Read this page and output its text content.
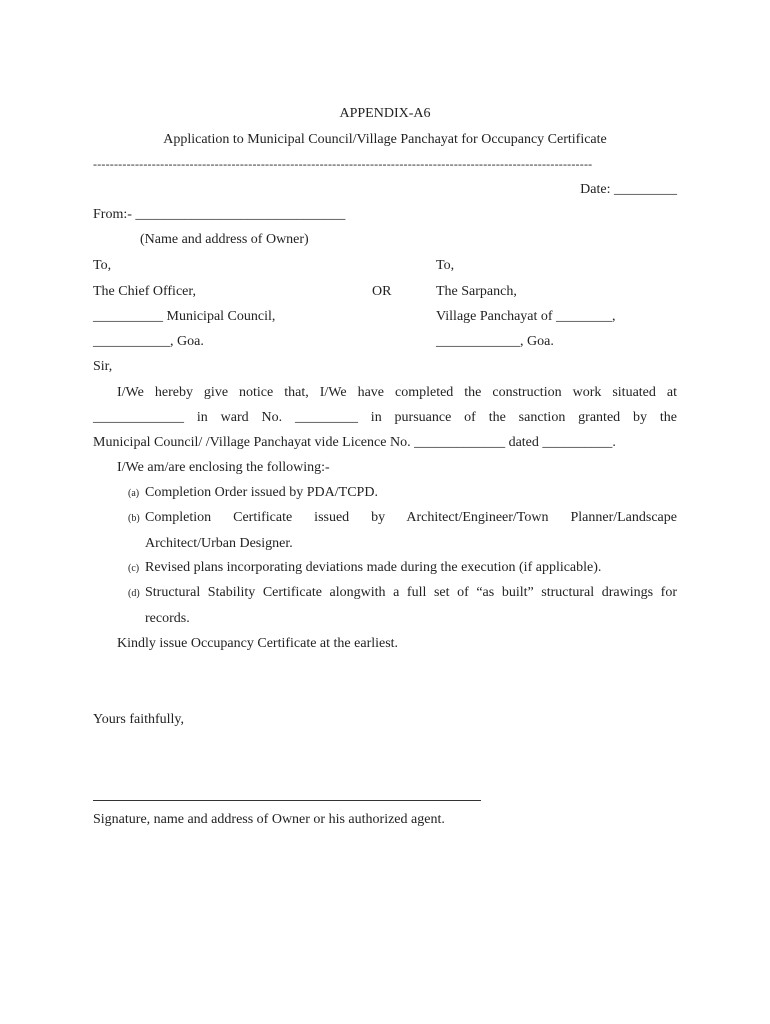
APPENDIX-A6
Application to Municipal Council/Village Panchayat for Occupancy Certificate
-----------------------------------------------------------------------------------------------------------------------
Date: _________
From:- ______________________________
(Name and address of Owner)
To,
The Chief Officer,
__________ Municipal Council,
___________, Goa.
OR
To,
The Sarpanch,
Village Panchayat of ________,
____________, Goa.
Sir,
I/We hereby give notice that, I/We have completed the construction work situated at
_____________ in ward No. _________ in pursuance of the sanction granted by the
Municipal Council/ /Village Panchayat vide Licence No. _____________ dated __________.
I/We am/are enclosing the following:-
(a) Completion Order issued by PDA/TCPD.
(b) Completion Certificate issued by Architect/Engineer/Town Planner/Landscape
Architect/Urban Designer.
(c) Revised plans incorporating deviations made during the execution (if applicable).
(d) Structural Stability Certificate alongwith a full set of “as built” structural drawings for
records.
Kindly issue Occupancy Certificate at the earliest.
Yours faithfully,
Signature, name and address of Owner or his authorized agent.
